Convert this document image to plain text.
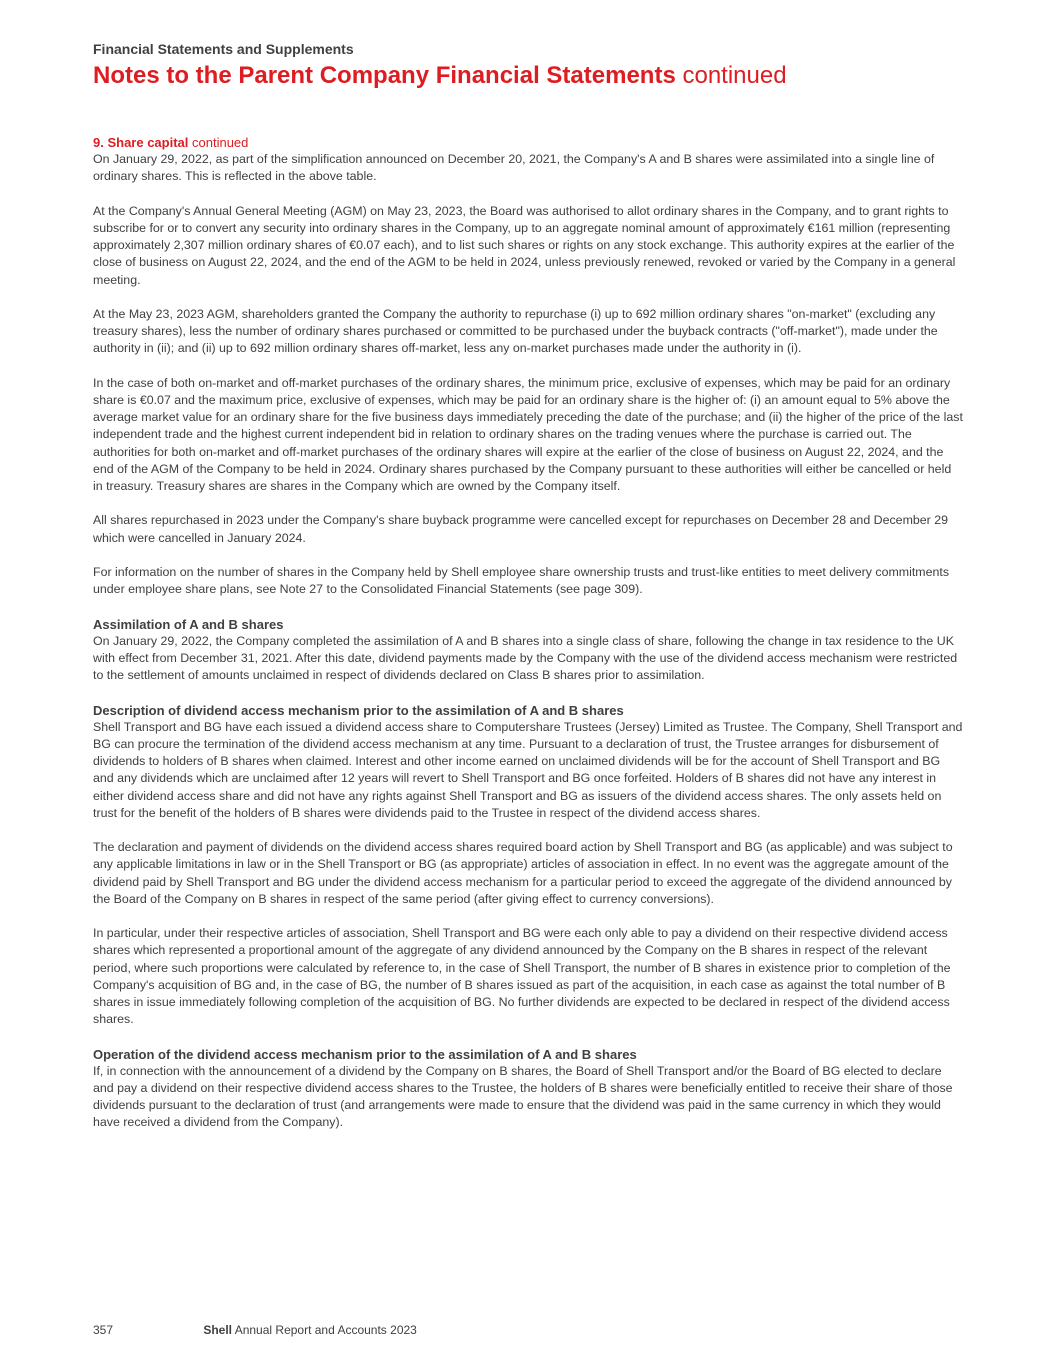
Financial Statements and Supplements
Notes to the Parent Company Financial Statements continued
9. Share capital continued

On January 29, 2022, as part of the simplification announced on December 20, 2021, the Company's A and B shares were assimilated into a single line of ordinary shares. This is reflected in the above table.

At the Company's Annual General Meeting (AGM) on May 23, 2023, the Board was authorised to allot ordinary shares in the Company, and to grant rights to subscribe for or to convert any security into ordinary shares in the Company, up to an aggregate nominal amount of approximately €161 million (representing approximately 2,307 million ordinary shares of €0.07 each), and to list such shares or rights on any stock exchange. This authority expires at the earlier of the close of business on August 22, 2024, and the end of the AGM to be held in 2024, unless previously renewed, revoked or varied by the Company in a general meeting.

At the May 23, 2023 AGM, shareholders granted the Company the authority to repurchase (i) up to 692 million ordinary shares "on-market" (excluding any treasury shares), less the number of ordinary shares purchased or committed to be purchased under the buyback contracts ("off-market"), made under the authority in (ii); and (ii) up to 692 million ordinary shares off-market, less any on-market purchases made under the authority in (i).

In the case of both on-market and off-market purchases of the ordinary shares, the minimum price, exclusive of expenses, which may be paid for an ordinary share is €0.07 and the maximum price, exclusive of expenses, which may be paid for an ordinary share is the higher of: (i) an amount equal to 5% above the average market value for an ordinary share for the five business days immediately preceding the date of the purchase; and (ii) the higher of the price of the last independent trade and the highest current independent bid in relation to ordinary shares on the trading venues where the purchase is carried out. The authorities for both on-market and off-market purchases of the ordinary shares will expire at the earlier of the close of business on August 22, 2024, and the end of the AGM of the Company to be held in 2024. Ordinary shares purchased by the Company pursuant to these authorities will either be cancelled or held in treasury. Treasury shares are shares in the Company which are owned by the Company itself.

All shares repurchased in 2023 under the Company's share buyback programme were cancelled except for repurchases on December 28 and December 29 which were cancelled in January 2024.

For information on the number of shares in the Company held by Shell employee share ownership trusts and trust-like entities to meet delivery commitments under employee share plans, see Note 27 to the Consolidated Financial Statements (see page 309).

Assimilation of A and B shares

On January 29, 2022, the Company completed the assimilation of A and B shares into a single class of share, following the change in tax residence to the UK with effect from December 31, 2021. After this date, dividend payments made by the Company with the use of the dividend access mechanism were restricted to the settlement of amounts unclaimed in respect of dividends declared on Class B shares prior to assimilation.

Description of dividend access mechanism prior to the assimilation of A and B shares

Shell Transport and BG have each issued a dividend access share to Computershare Trustees (Jersey) Limited as Trustee. The Company, Shell Transport and BG can procure the termination of the dividend access mechanism at any time. Pursuant to a declaration of trust, the Trustee arranges for disbursement of dividends to holders of B shares when claimed. Interest and other income earned on unclaimed dividends will be for the account of Shell Transport and BG and any dividends which are unclaimed after 12 years will revert to Shell Transport and BG once forfeited. Holders of B shares did not have any interest in either dividend access share and did not have any rights against Shell Transport and BG as issuers of the dividend access shares. The only assets held on trust for the benefit of the holders of B shares were dividends paid to the Trustee in respect of the dividend access shares.

The declaration and payment of dividends on the dividend access shares required board action by Shell Transport and BG (as applicable) and was subject to any applicable limitations in law or in the Shell Transport or BG (as appropriate) articles of association in effect. In no event was the aggregate amount of the dividend paid by Shell Transport and BG under the dividend access mechanism for a particular period to exceed the aggregate of the dividend announced by the Board of the Company on B shares in respect of the same period (after giving effect to currency conversions).

In particular, under their respective articles of association, Shell Transport and BG were each only able to pay a dividend on their respective dividend access shares which represented a proportional amount of the aggregate of any dividend announced by the Company on the B shares in respect of the relevant period, where such proportions were calculated by reference to, in the case of Shell Transport, the number of B shares in existence prior to completion of the Company's acquisition of BG and, in the case of BG, the number of B shares issued as part of the acquisition, in each case as against the total number of B shares in issue immediately following completion of the acquisition of BG. No further dividends are expected to be declared in respect of the dividend access shares.

Operation of the dividend access mechanism prior to the assimilation of A and B shares

If, in connection with the announcement of a dividend by the Company on B shares, the Board of Shell Transport and/or the Board of BG elected to declare and pay a dividend on their respective dividend access shares to the Trustee, the holders of B shares were beneficially entitled to receive their share of those dividends pursuant to the declaration of trust (and arrangements were made to ensure that the dividend was paid in the same currency in which they would have received a dividend from the Company).

357	Shell Annual Report and Accounts 2023
